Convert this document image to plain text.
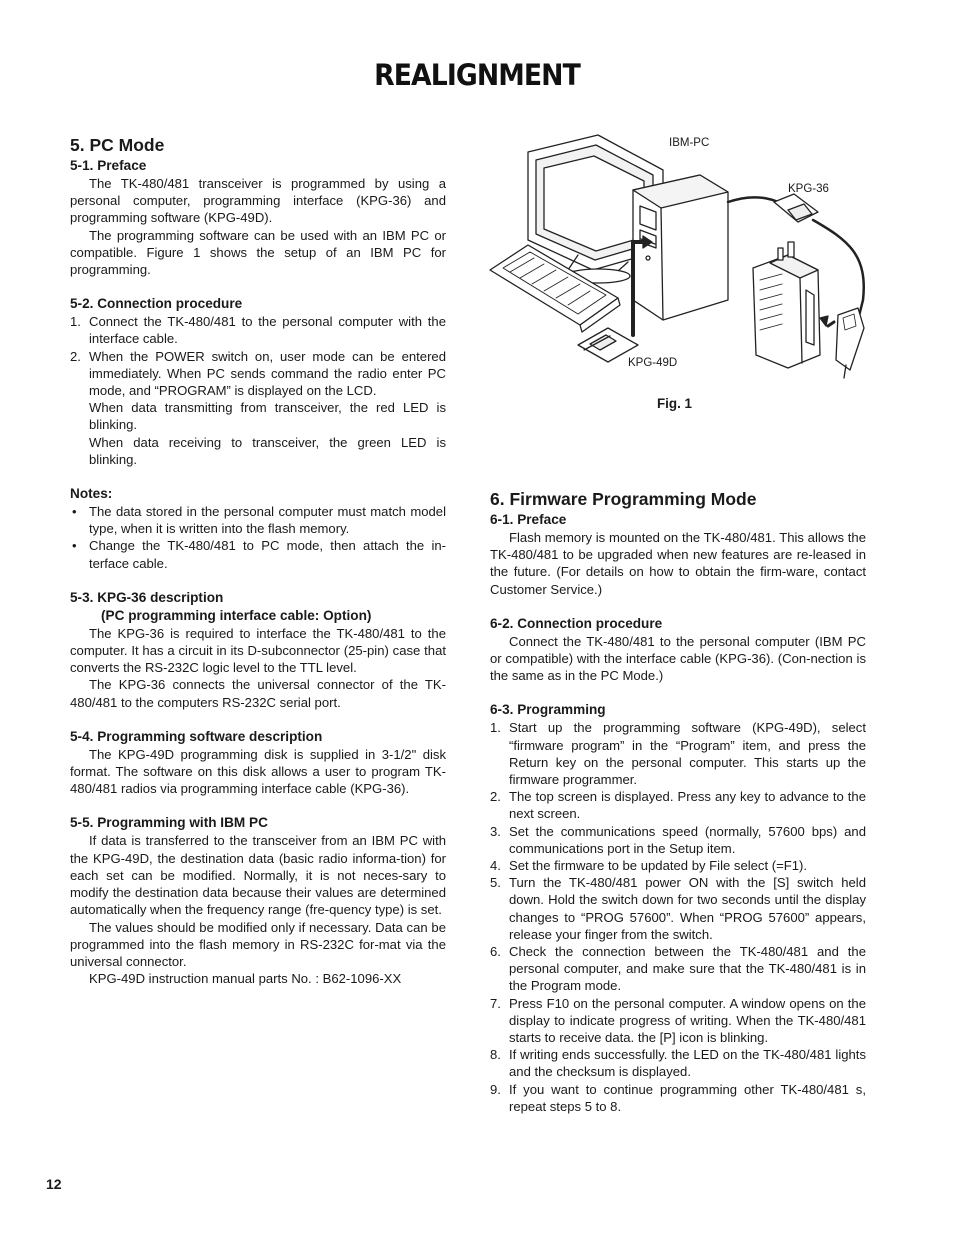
REALIGNMENT
5. PC Mode
5-1. Preface

The TK-480/481 transceiver is programmed by using a personal computer, programming interface (KPG-36) and programming software (KPG-49D).

The programming software can be used with an IBM PC or compatible. Figure 1 shows the setup of an IBM PC for programming.

5-2. Connection procedure
1. Connect the TK-480/481 to the personal computer with the interface cable.
2. When the POWER switch on, user mode can be entered immediately. When PC sends command the radio enter PC mode, and “PROGRAM” is displayed on the LCD.
When data transmitting from transceiver, the red LED is blinking.
When data receiving to transceiver, the green LED is blinking.
Notes:
• The data stored in the personal computer must match model type, when it is written into the flash memory.
• Change the TK-480/481 to PC mode, then attach the in-terface cable.
5-3. KPG-36 description
(PC programming interface cable: Option)

The KPG-36 is required to interface the TK-480/481 to the computer. It has a circuit in its D-subconnector (25-pin) case that converts the RS-232C logic level to the TTL level.

The KPG-36 connects the universal connector of the TK-480/481 to the computers RS-232C serial port.

5-4. Programming software description

The KPG-49D programming disk is supplied in 3-1/2" disk format. The software on this disk allows a user to program TK-480/481 radios via programming interface cable (KPG-36).

5-5. Programming with IBM PC

If data is transferred to the transceiver from an IBM PC with the KPG-49D, the destination data (basic radio informa-tion) for each set can be modified. Normally, it is not neces-sary to modify the destination data because their values are determined automatically when the frequency range (fre-quency type) is set.

The values should be modified only if necessary. Data can be programmed into the flash memory in RS-232C for-mat via the universal connector.

KPG-49D instruction manual parts No. : B62-1096-XX

IBM-PC
KPG-36
KPG-49D
Fig. 1
6. Firmware Programming Mode
6-1. Preface

Flash memory is mounted on the TK-480/481. This allows the TK-480/481 to be upgraded when new features are re-leased in the future. (For details on how to obtain the firm-ware, contact Customer Service.)

6-2. Connection procedure

Connect the TK-480/481 to the personal computer (IBM PC or compatible) with the interface cable (KPG-36). (Con-nection is the same as in the PC Mode.)

6-3. Programming
1. Start up the programming software (KPG-49D), select “firmware program” in the “Program” item, and press the Return key on the personal computer. This starts up the firmware programmer.
2. The top screen is displayed. Press any key to advance to the next screen.
3. Set the communications speed (normally, 57600 bps) and communications port in the Setup item.
4. Set the firmware to be updated by File select (=F1).
5. Turn the TK-480/481 power ON with the [S] switch held down. Hold the switch down for two seconds until the display changes to “PROG 57600”. When “PROG 57600” appears, release your finger from the switch.
6. Check the connection between the TK-480/481 and the personal computer, and make sure that the TK-480/481 is in the Program mode.
7. Press F10 on the personal computer. A window opens on the display to indicate progress of writing. When the TK-480/481 starts to receive data. the [P] icon is blinking.
8. If writing ends successfully. the LED on the TK-480/481 lights and the checksum is displayed.
9. If you want to continue programming other TK-480/481 s, repeat steps 5 to 8.
12
